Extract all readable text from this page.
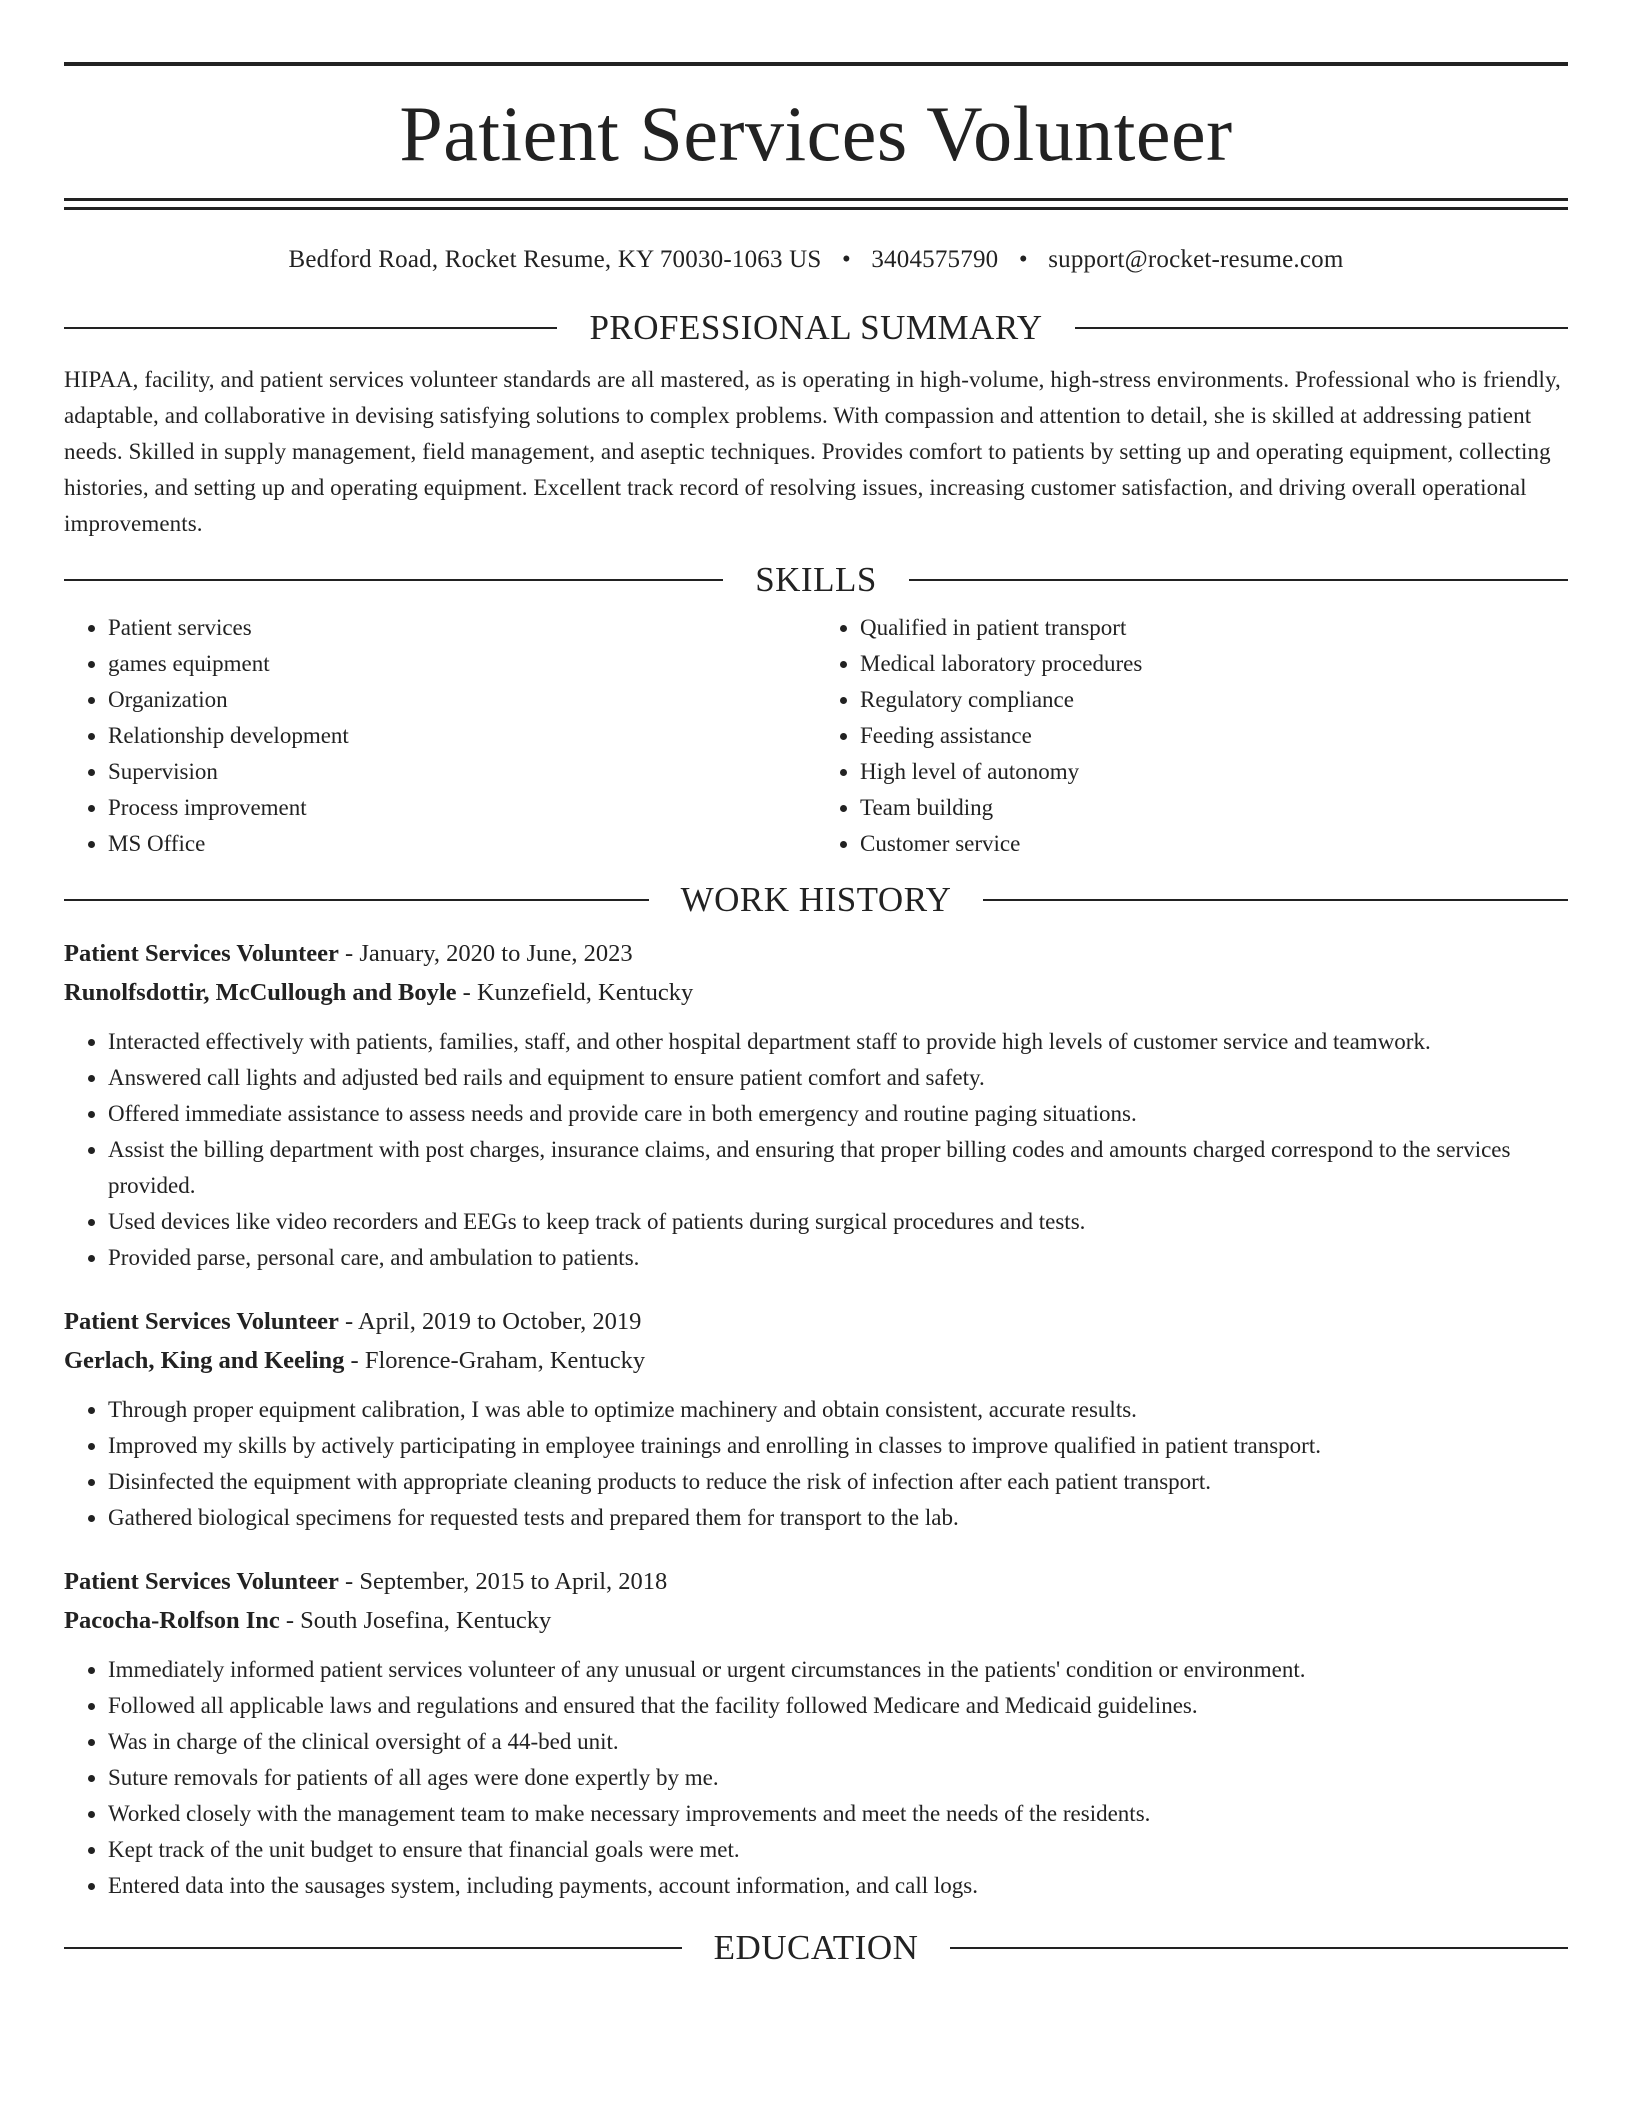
Patient Services Volunteer
Bedford Road, Rocket Resume, KY 70030-1063 US • 3404575790 • support@rocket-resume.com
PROFESSIONAL SUMMARY

HIPAA, facility, and patient services volunteer standards are all mastered, as is operating in high-volume, high-stress environments. Professional who is friendly, adaptable, and collaborative in devising satisfying solutions to complex problems. With compassion and attention to detail, she is skilled at addressing patient needs. Skilled in supply management, field management, and aseptic techniques. Provides comfort to patients by setting up and operating equipment, collecting histories, and setting up and operating equipment. Excellent track record of resolving issues, increasing customer satisfaction, and driving overall operational improvements.

SKILLS
• Patient services
• games equipment
• Organization
• Relationship development
• Supervision
• Process improvement
• MS Office
• Qualified in patient transport
• Medical laboratory procedures
• Regulatory compliance
• Feeding assistance
• High level of autonomy
• Team building
• Customer service
WORK HISTORY
Patient Services Volunteer - January, 2020 to June, 2023
Runolfsdottir, McCullough and Boyle - Kunzefield, Kentucky
• Interacted effectively with patients, families, staff, and other hospital department staff to provide high levels of customer service and teamwork.
• Answered call lights and adjusted bed rails and equipment to ensure patient comfort and safety.
• Offered immediate assistance to assess needs and provide care in both emergency and routine paging situations.
• Assist the billing department with post charges, insurance claims, and ensuring that proper billing codes and amounts charged correspond to the services provided.
• Used devices like video recorders and EEGs to keep track of patients during surgical procedures and tests.
• Provided parse, personal care, and ambulation to patients.
Patient Services Volunteer - April, 2019 to October, 2019
Gerlach, King and Keeling - Florence-Graham, Kentucky
• Through proper equipment calibration, I was able to optimize machinery and obtain consistent, accurate results.
• Improved my skills by actively participating in employee trainings and enrolling in classes to improve qualified in patient transport.
• Disinfected the equipment with appropriate cleaning products to reduce the risk of infection after each patient transport.
• Gathered biological specimens for requested tests and prepared them for transport to the lab.
Patient Services Volunteer - September, 2015 to April, 2018
Pacocha-Rolfson Inc - South Josefina, Kentucky
• Immediately informed patient services volunteer of any unusual or urgent circumstances in the patients' condition or environment.
• Followed all applicable laws and regulations and ensured that the facility followed Medicare and Medicaid guidelines.
• Was in charge of the clinical oversight of a 44-bed unit.
• Suture removals for patients of all ages were done expertly by me.
• Worked closely with the management team to make necessary improvements and meet the needs of the residents.
• Kept track of the unit budget to ensure that financial goals were met.
• Entered data into the sausages system, including payments, account information, and call logs.
EDUCATION
